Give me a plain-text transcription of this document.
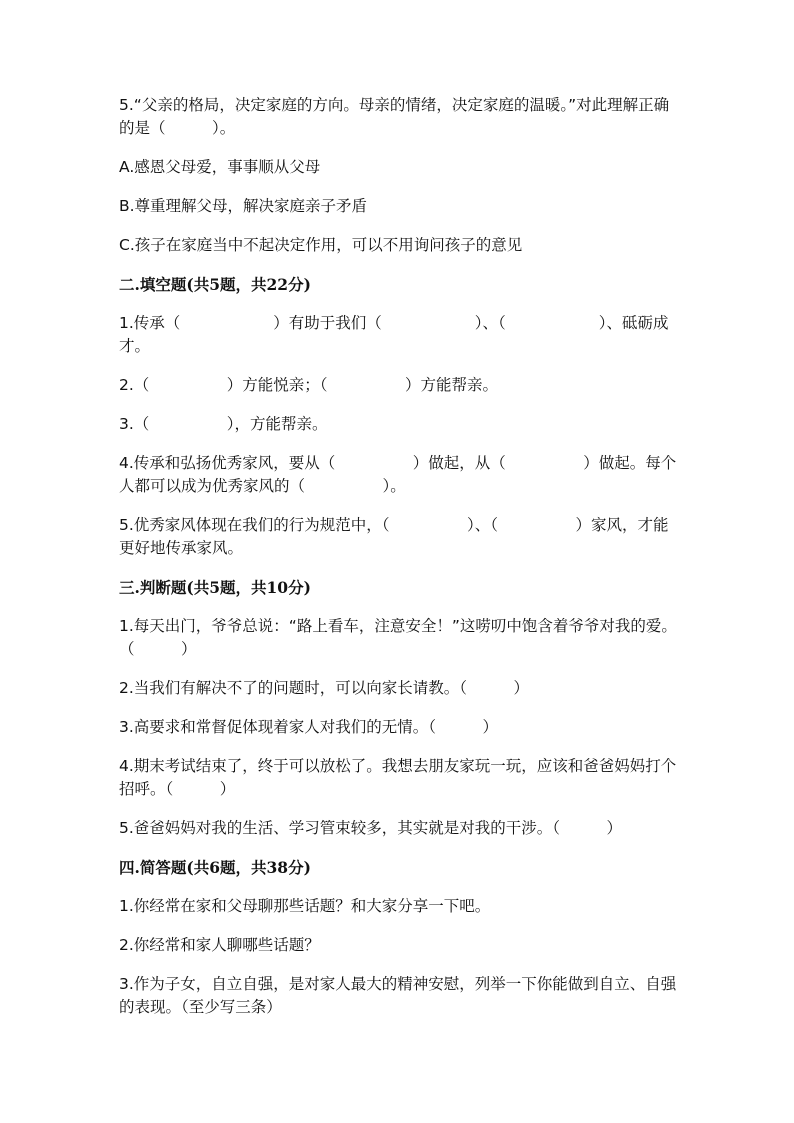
5.“父亲的格局，决定家庭的方向。母亲的情绪，决定家庭的温暖。”对此理解正确的是（　　　）。

A.感恩父母爱，事事顺从父母

B.尊重理解父母，解决家庭亲子矛盾

C.孩子在家庭当中不起决定作用，可以不用询问孩子的意见

二.填空题(共5题，共22分)

1.传承（　　　　　　）有助于我们（　　　　　　）、（　　　　　　）、砥砺成才。

2.（　　　　　）方能悦亲；（　　　　　）方能帮亲。

3.（　　　　　），方能帮亲。

4.传承和弘扬优秀家风，要从（　　　　　）做起，从（　　　　　）做起。每个人都可以成为优秀家风的（　　　　　）。

5.优秀家风体现在我们的行为规范中，（　　　　　）、（　　　　　）家风，才能更好地传承家风。

三.判断题(共5题，共10分)

1.每天出门，爷爷总说：“路上看车，注意安全！”这唠叨中饱含着爷爷对我的爱。（　　　）

2.当我们有解决不了的问题时，可以向家长请教。（　　　）

3.高要求和常督促体现着家人对我们的无情。（　　　）

4.期末考试结束了，终于可以放松了。我想去朋友家玩一玩，应该和爸爸妈妈打个招呼。（　　　）

5.爸爸妈妈对我的生活、学习管束较多，其实就是对我的干涉。（　　　）

四.简答题(共6题，共38分)

1.你经常在家和父母聊那些话题？和大家分享一下吧。

2.你经常和家人聊哪些话题？

3.作为子女，自立自强，是对家人最大的精神安慰，列举一下你能做到自立、自强的表现。（至少写三条）
